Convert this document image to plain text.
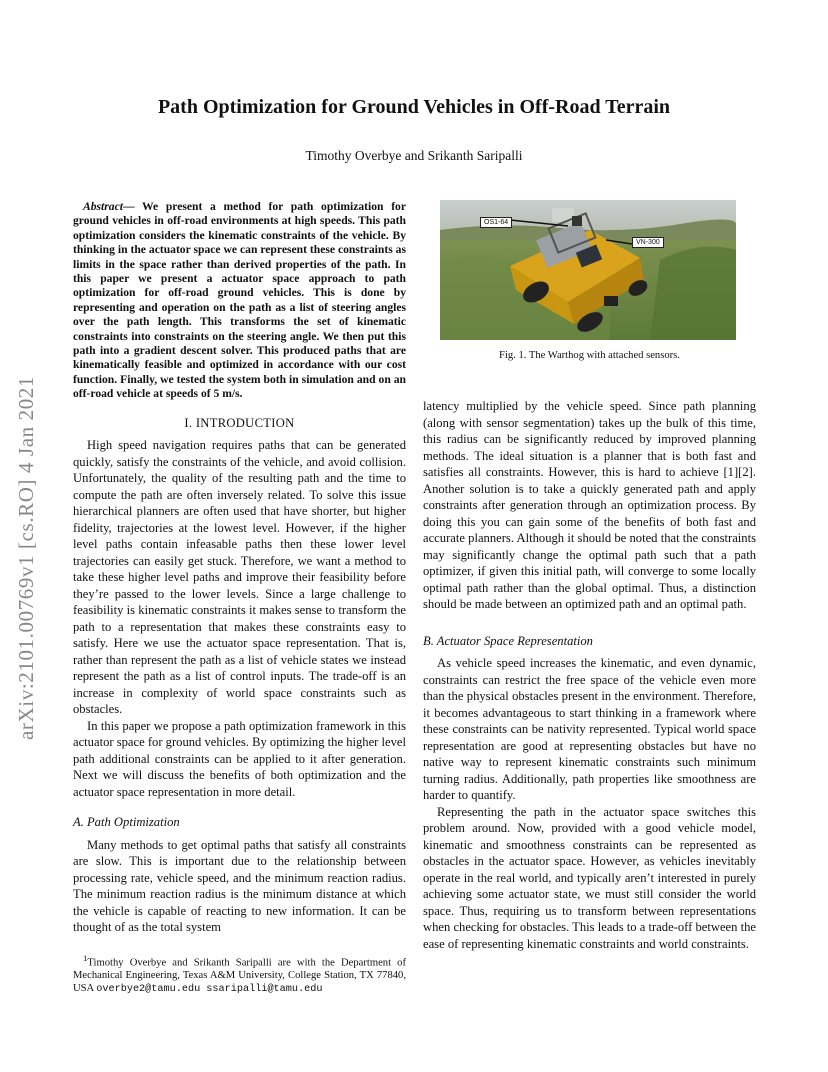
Path Optimization for Ground Vehicles in Off-Road Terrain
Timothy Overbye and Srikanth Saripalli
arXiv:2101.00769v1 [cs.RO] 4 Jan 2021

Abstract— We present a method for path optimization for ground vehicles in off-road environments at high speeds. This path optimization considers the kinematic constraints of the vehicle. By thinking in the actuator space we can represent these constraints as limits in the space rather than derived properties of the path. In this paper we present a actuator space approach to path optimization for off-road ground vehicles. This is done by representing and operation on the path as a list of steering angles over the path length. This transforms the set of kinematic constraints into constraints on the steering angle. We then put this path into a gradient descent solver. This produced paths that are kinematically feasible and optimized in accordance with our cost function. Finally, we tested the system both in simulation and on an off-road vehicle at speeds of 5 m/s.

I. INTRODUCTION

High speed navigation requires paths that can be generated quickly, satisfy the constraints of the vehicle, and avoid collision. Unfortunately, the quality of the resulting path and the time to compute the path are often inversely related. To solve this issue hierarchical planners are often used that have shorter, but higher fidelity, trajectories at the lowest level. However, if the higher level paths contain infeasable paths then these lower level trajectories can easily get stuck. Therefore, we want a method to take these higher level paths and improve their feasibility before they’re passed to the lower levels. Since a large challenge to feasibility is kinematic constraints it makes sense to transform the path to a representation that makes these constraints easy to satisfy. Here we use the actuator space representation. That is, rather than represent the path as a list of vehicle states we instead represent the path as a list of control inputs. The trade-off is an increase in complexity of world space constraints such as obstacles.

In this paper we propose a path optimization framework in this actuator space for ground vehicles. By optimizing the higher level path additional constraints can be applied to it after generation. Next we will discuss the benefits of both optimization and the actuator space representation in more detail.

A. Path Optimization

Many methods to get optimal paths that satisfy all constraints are slow. This is important due to the relationship between processing rate, vehicle speed, and the minimum reaction radius. The minimum reaction radius is the minimum distance at which the vehicle is capable of reacting to new information. It can be thought of as the total system

$^1$Timothy Overbye and Srikanth Saripalli are with the Department of Mechanical Engineering, Texas A&M University, College Station, TX 77840, USA overbye2@tamu.edu ssaripalli@tamu.edu
OS1-64
VN-300
Fig. 1. The Warthog with attached sensors.

latency multiplied by the vehicle speed. Since path planning (along with sensor segmentation) takes up the bulk of this time, this radius can be significantly reduced by improved planning methods. The ideal situation is a planner that is both fast and satisfies all constraints. However, this is hard to achieve [1][2]. Another solution is to take a quickly generated path and apply constraints after generation through an optimization process. By doing this you can gain some of the benefits of both fast and accurate planners. Although it should be noted that the constraints may significantly change the optimal path such that a path optimizer, if given this initial path, will converge to some locally optimal path rather than the global optimal. Thus, a distinction should be made between an optimized path and an optimal path.

B. Actuator Space Representation

As vehicle speed increases the kinematic, and even dynamic, constraints can restrict the free space of the vehicle even more than the physical obstacles present in the environment. Therefore, it becomes advantageous to start thinking in a framework where these constraints can be nativity represented. Typical world space representation are good at representing obstacles but have no native way to represent kinematic constraints such minimum turning radius. Additionally, path properties like smoothness are harder to quantify.

Representing the path in the actuator space switches this problem around. Now, provided with a good vehicle model, kinematic and smoothness constraints can be represented as obstacles in the actuator space. However, as vehicles inevitably operate in the real world, and typically aren’t interested in purely achieving some actuator state, we must still consider the world space. Thus, requiring us to transform between representations when checking for obstacles. This leads to a trade-off between the ease of representing kinematic constraints and world constraints.
